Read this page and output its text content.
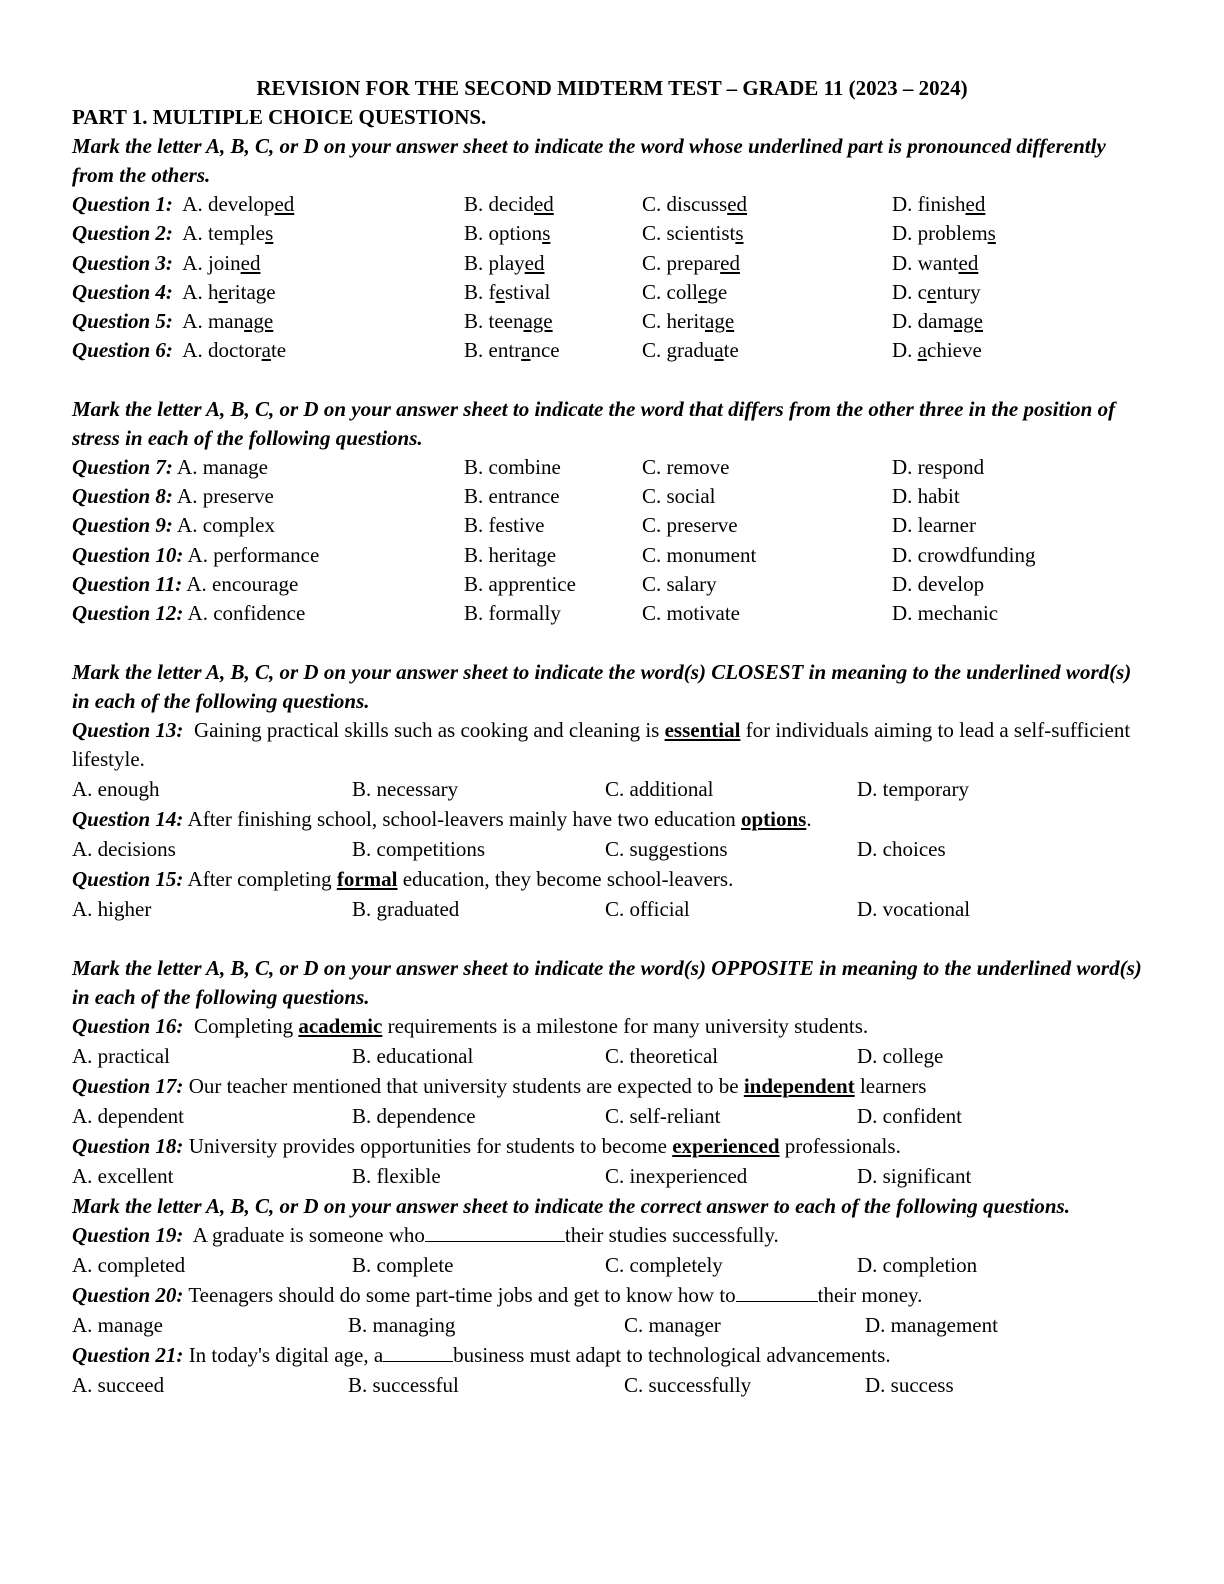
REVISION FOR THE SECOND MIDTERM TEST – GRADE 11 (2023 – 2024)

PART 1. MULTIPLE CHOICE QUESTIONS.

Mark the letter A, B, C, or D on your answer sheet to indicate the word whose underlined part is pronounced differently from the others.

Question 1: A. developed	B. decided	C. discussed	D. finished
Question 2: A. temples	B. options	C. scientists	D. problems
Question 3: A. joined	B. played	C. prepared	D. wanted
Question 4: A. heritage	B. festival	C. college	D. century
Question 5: A. manage	B. teenage	C. heritage	D. damage
Question 6: A. doctorate	B. entrance	C. graduate	D. achieve

Mark the letter A, B, C, or D on your answer sheet to indicate the word that differs from the other three in the position of stress in each of the following questions.

Question 7: A. manage	B. combine	C. remove	D. respond
Question 8: A. preserve	B. entrance	C. social	D. habit
Question 9: A. complex	B. festive	C. preserve	D. learner
Question 10: A. performance	B. heritage	C. monument	D. crowdfunding
Question 11: A. encourage	B. apprentice	C. salary	D. develop
Question 12: A. confidence	B. formally	C. motivate	D. mechanic

Mark the letter A, B, C, or D on your answer sheet to indicate the word(s) CLOSEST in meaning to the underlined word(s) in each of the following questions.

Question 13: Gaining practical skills such as cooking and cleaning is essential for individuals aiming to lead a self-sufficient lifestyle.

A. enough	B. necessary	C. additional	D. temporary

Question 14: After finishing school, school-leavers mainly have two education options.

A. decisions	B. competitions	C. suggestions	D. choices

Question 15: After completing formal education, they become school-leavers.

A. higher	B. graduated	C. official	D. vocational

Mark the letter A, B, C, or D on your answer sheet to indicate the word(s) OPPOSITE in meaning to the underlined word(s) in each of the following questions.

Question 16: Completing academic requirements is a milestone for many university students.

A. practical	B. educational	C. theoretical	D. college

Question 17: Our teacher mentioned that university students are expected to be independent learners

A. dependent	B. dependence	C. self-reliant	D. confident

Question 18: University provides opportunities for students to become experienced professionals.

A. excellent	B. flexible	C. inexperienced	D. significant

Mark the letter A, B, C, or D on your answer sheet to indicate the correct answer to each of the following questions.

Question 19: A graduate is someone who	their studies successfully.

A. completed	B. complete	C. completely	D. completion

Question 20: Teenagers should do some part-time jobs and get to know how to	their money.

A. manage	B. managing	C. manager	D. management

Question 21: In today's digital age, a	business must adapt to technological advancements.

A. succeed	B. successful	C. successfully	D. success
